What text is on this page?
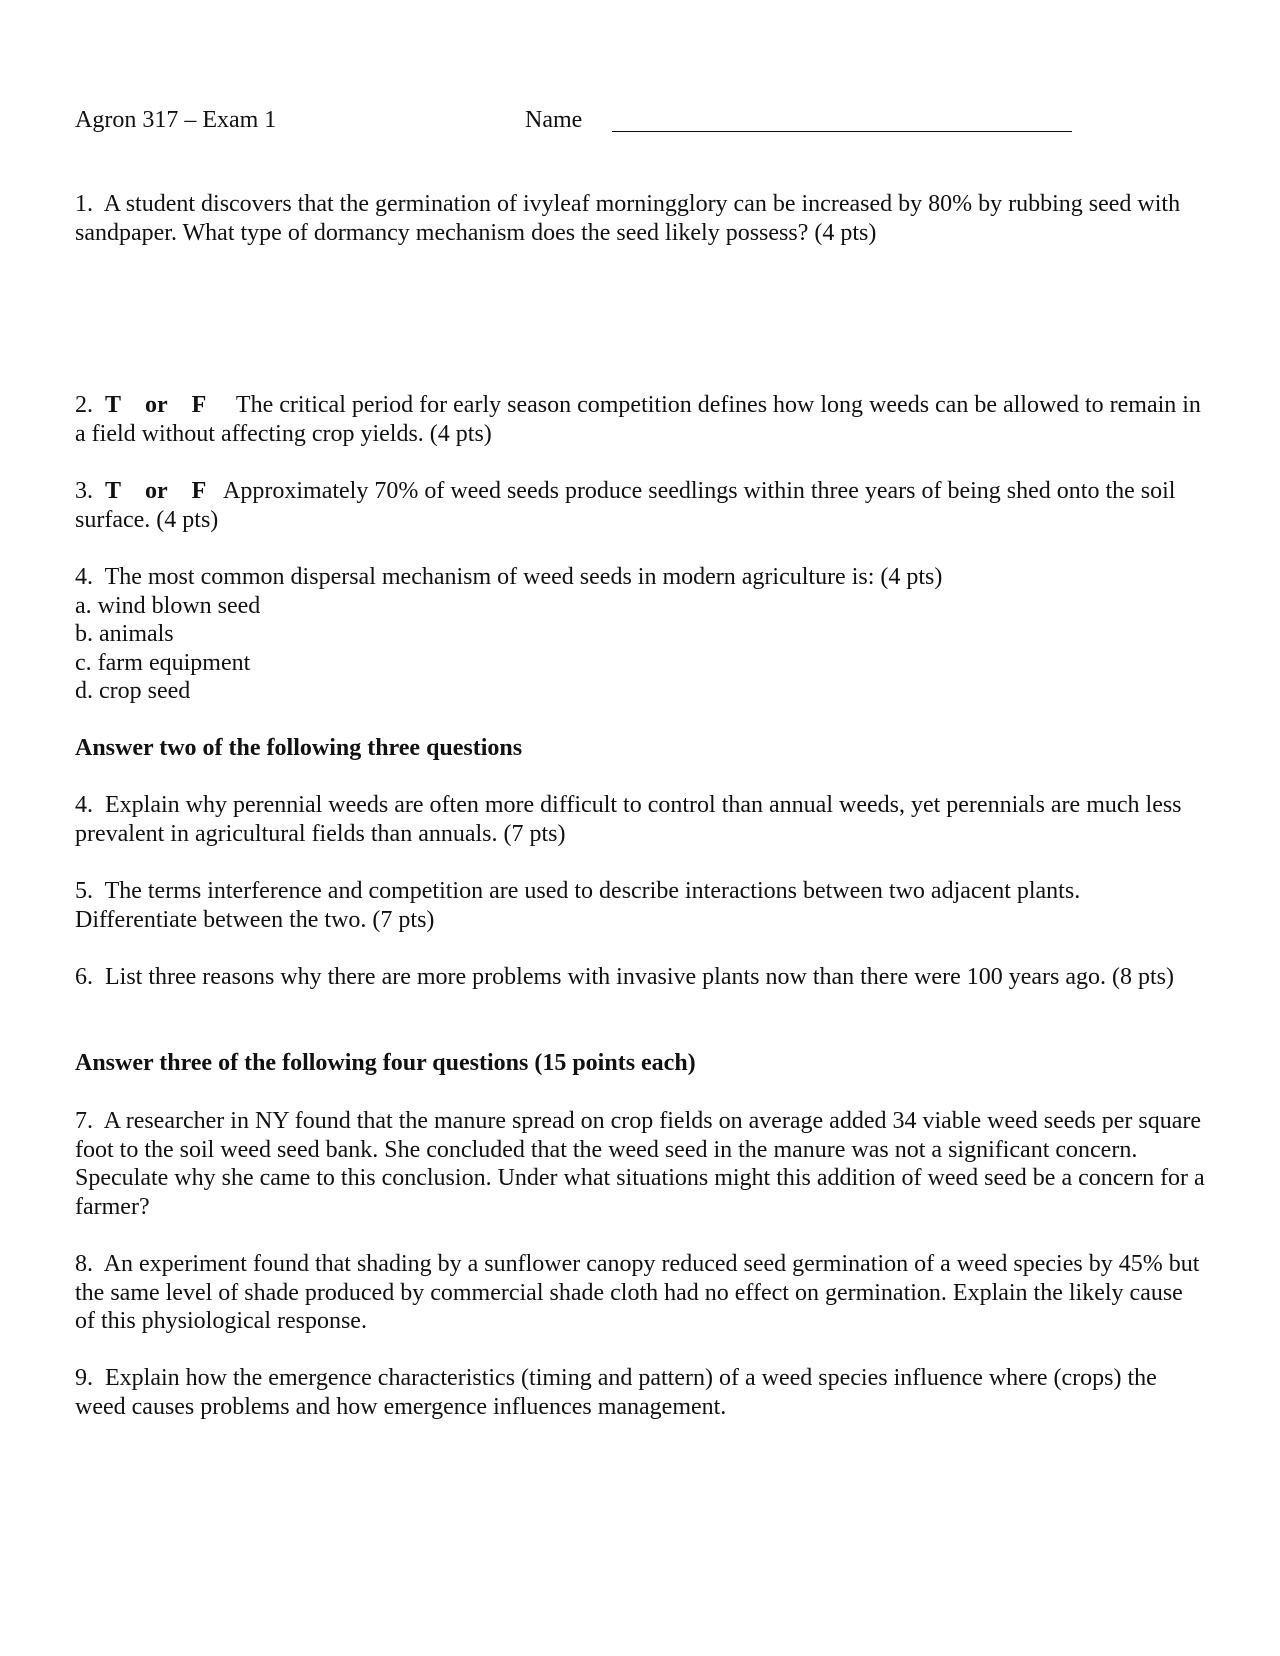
Agron 317 – Exam 1	Name

1. A student discovers that the germination of ivyleaf morningglory can be increased by 80% by rubbing seed with sandpaper. What type of dormancy mechanism does the seed likely possess? (4 pts)

2. T or F The critical period for early season competition defines how long weeds can be allowed to remain in a field without affecting crop yields. (4 pts)

3. T or F Approximately 70% of weed seeds produce seedlings within three years of being shed onto the soil surface. (4 pts)

4. The most common dispersal mechanism of weed seeds in modern agriculture is: (4 pts)
a. wind blown seed
b. animals
c. farm equipment
d. crop seed

Answer two of the following three questions

4. Explain why perennial weeds are often more difficult to control than annual weeds, yet perennials are much less prevalent in agricultural fields than annuals. (7 pts)

5. The terms interference and competition are used to describe interactions between two adjacent plants. Differentiate between the two. (7 pts)

6. List three reasons why there are more problems with invasive plants now than there were 100 years ago. (8 pts)

Answer three of the following four questions (15 points each)

7. A researcher in NY found that the manure spread on crop fields on average added 34 viable weed seeds per square foot to the soil weed seed bank. She concluded that the weed seed in the manure was not a significant concern. Speculate why she came to this conclusion. Under what situations might this addition of weed seed be a concern for a farmer?

8. An experiment found that shading by a sunflower canopy reduced seed germination of a weed species by 45% but the same level of shade produced by commercial shade cloth had no effect on germination. Explain the likely cause of this physiological response.

9. Explain how the emergence characteristics (timing and pattern) of a weed species influence where (crops) the weed causes problems and how emergence influences management.
